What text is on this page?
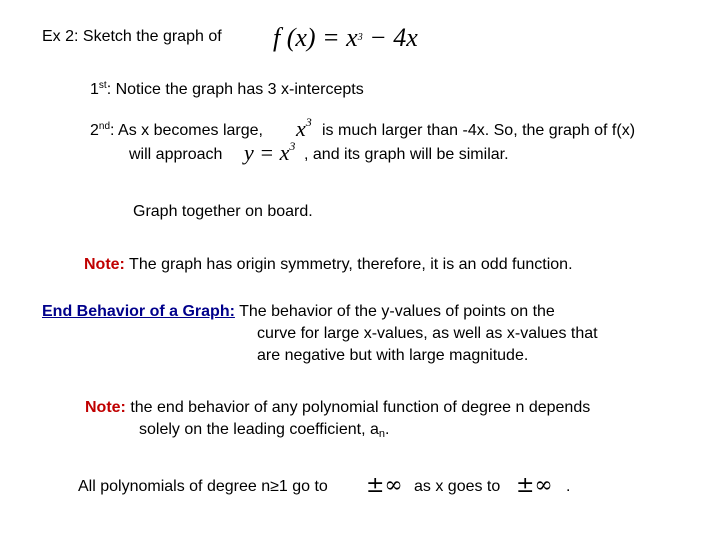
Ex 2: Sketch the graph of f $(x) = x^3 - 4x$
1st: Notice the graph has 3 x-intercepts
2nd: As x becomes large, $x^3$ is much larger than -4x. So, the graph of f(x)
will approach $y = x^3$ , and its graph will be similar.
Graph together on board.
Note: The graph has origin symmetry, therefore, it is an odd function.
End Behavior of a Graph: The behavior of the y-values of points on the
curve for large x-values, as well as x-values that
are negative but with large magnitude.
Note: the end behavior of any polynomial function of degree n depends
solely on the leading coefficient, $a_n$.
All polynomials of degree n≥1 go to ±∞ as x goes to ±∞ .
